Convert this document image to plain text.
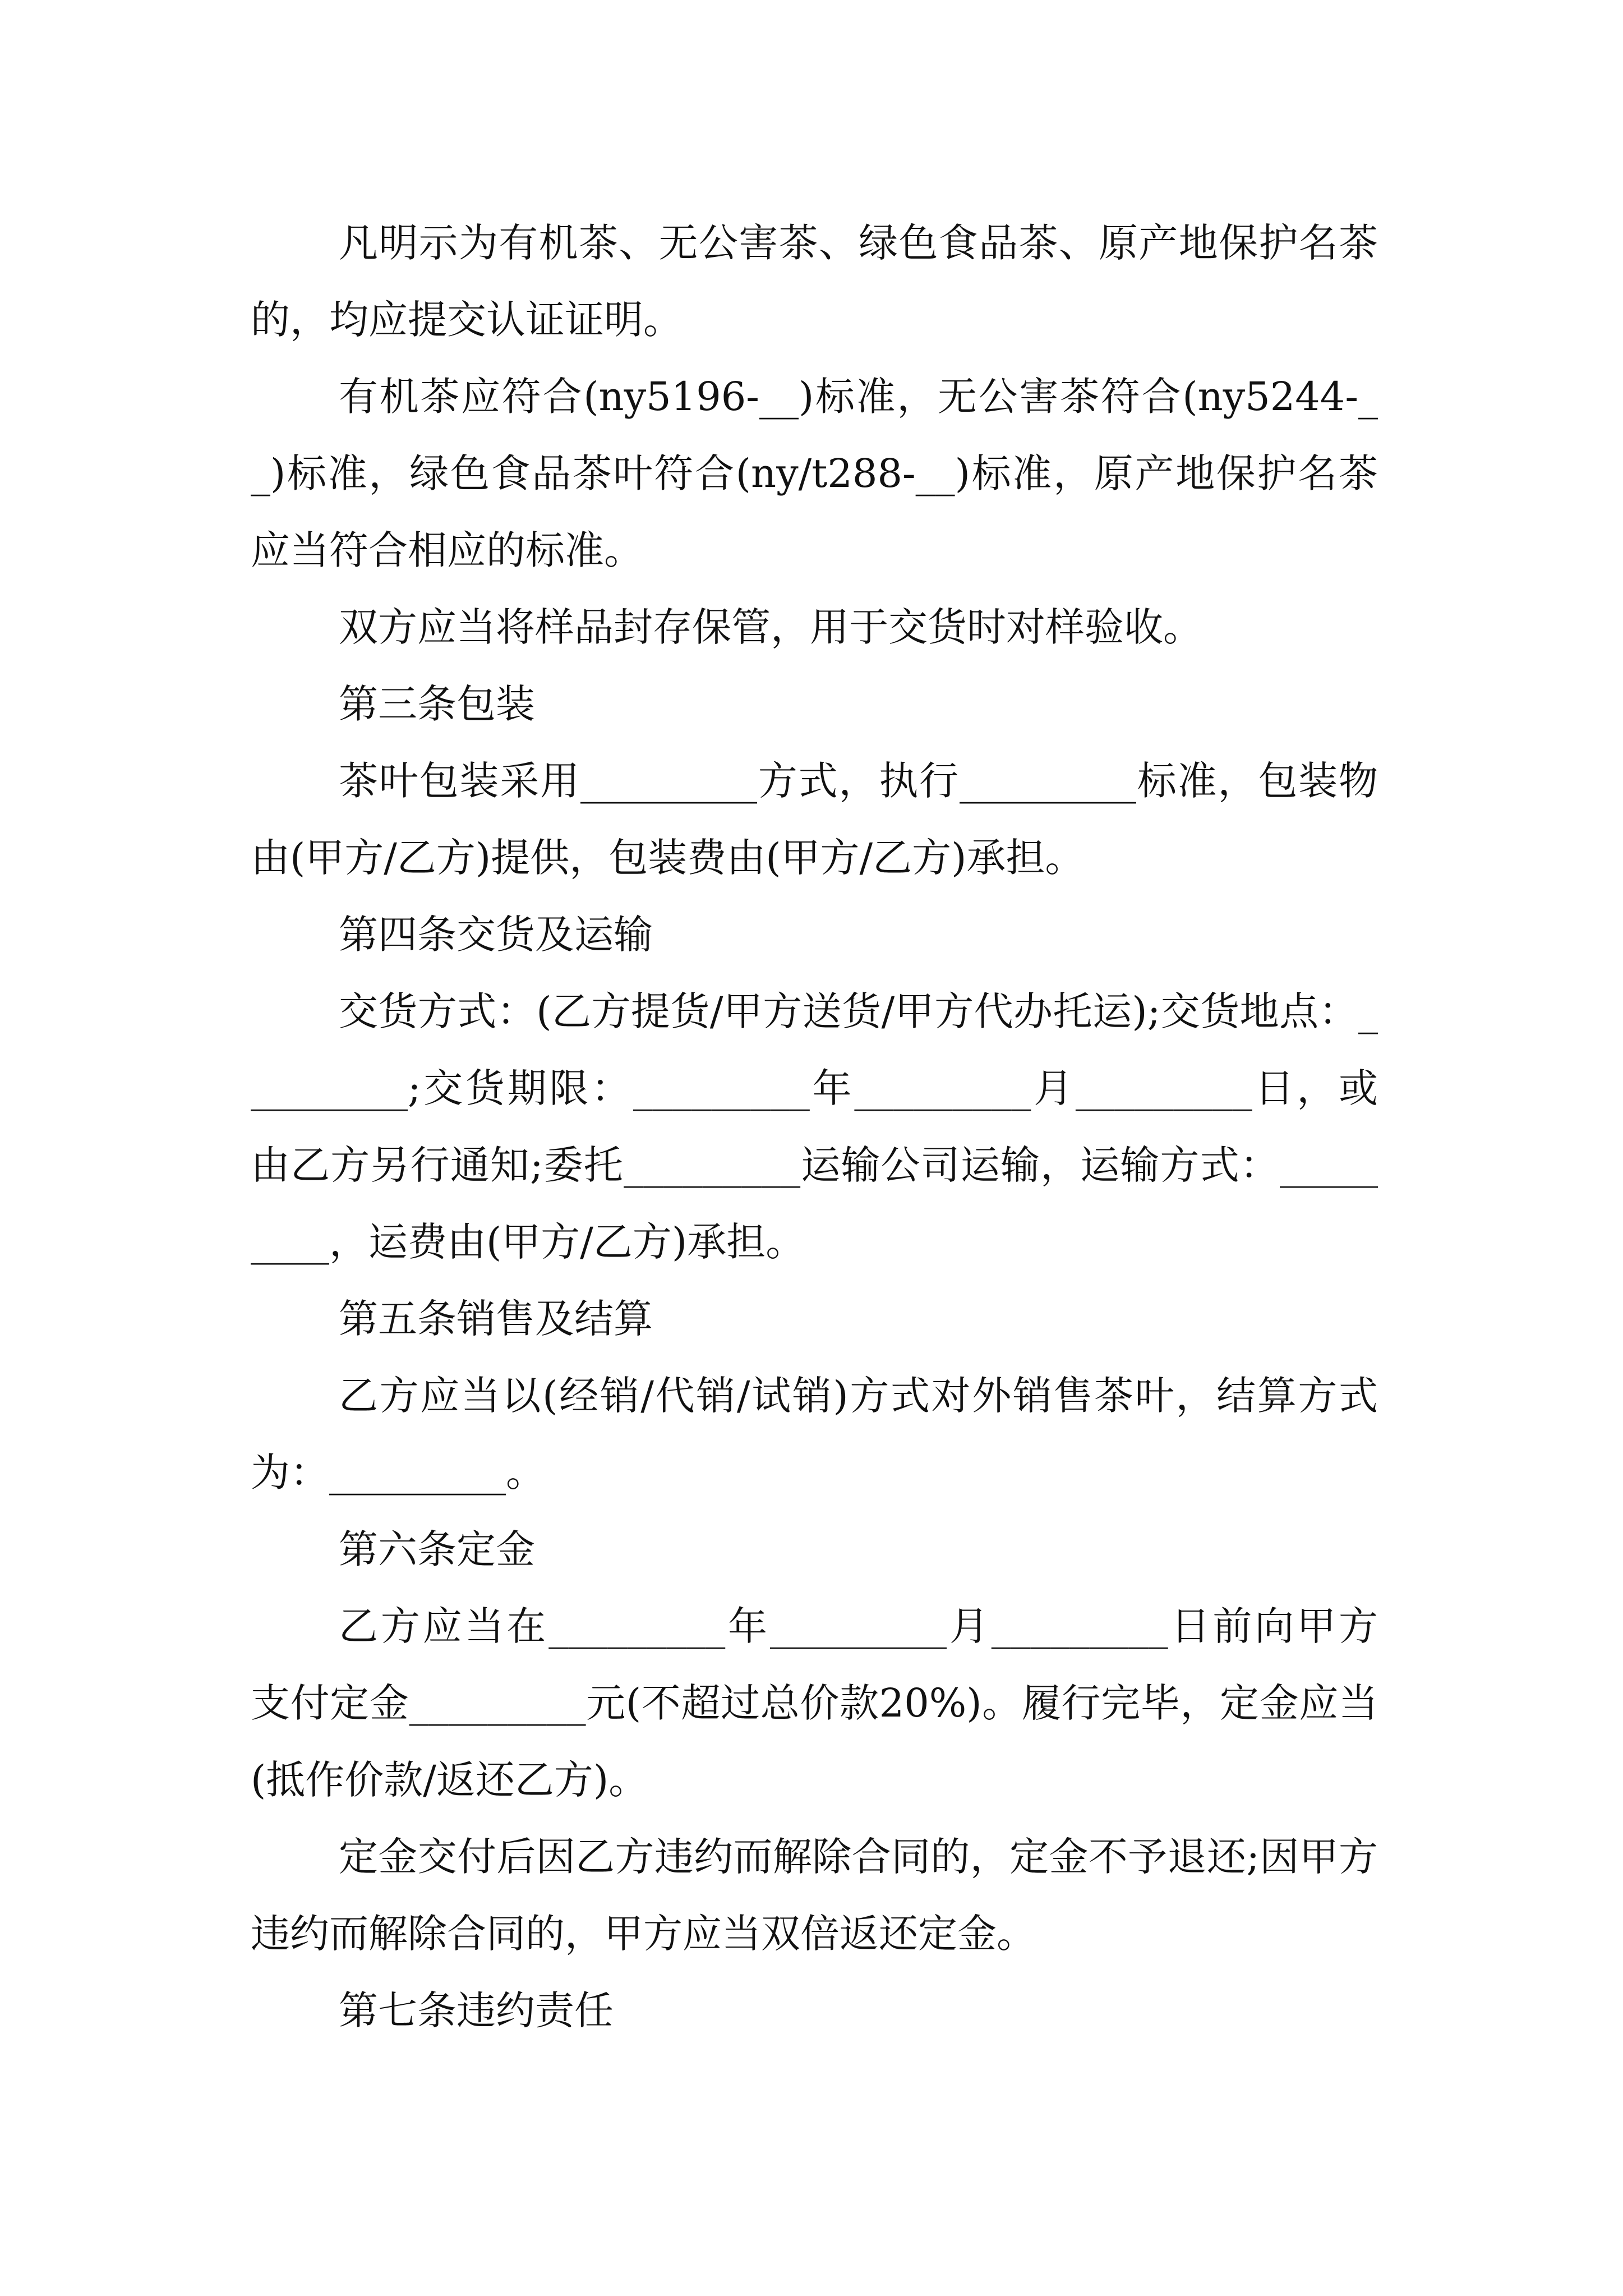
凡明示为有机茶、无公害茶、绿色食品茶、原产地保护名茶的，均应提交认证证明。

有机茶应符合(ny5196-__)标准，无公害茶符合(ny5244-__)标准，绿色食品茶叶符合(ny/t288-__)标准，原产地保护名茶应当符合相应的标准。

双方应当将样品封存保管，用于交货时对样验收。

第三条包装

茶叶包装采用_________方式，执行_________标准，包装物由(甲方/乙方)提供，包装费由(甲方/乙方)承担。

第四条交货及运输

交货方式：(乙方提货/甲方送货/甲方代办托运);交货地点：_________;交货期限：_________年_________月_________日，或由乙方另行通知;委托_________运输公司运输，运输方式：_________，运费由(甲方/乙方)承担。

第五条销售及结算

乙方应当以(经销/代销/试销)方式对外销售茶叶，结算方式为：_________。

第六条定金

乙方应当在_________年_________月_________日前向甲方支付定金_________元(不超过总价款20%)。履行完毕，定金应当(抵作价款/返还乙方)。

定金交付后因乙方违约而解除合同的，定金不予退还;因甲方违约而解除合同的，甲方应当双倍返还定金。

第七条违约责任
